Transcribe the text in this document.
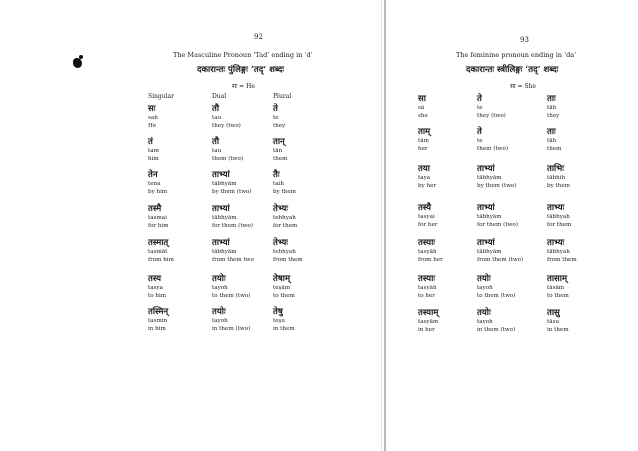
92
The Masculine Pronoun ‘Tad’ ending in ‘d’
दकारान्तः पुंलिङ्गः ‘तद्’ शब्दः
सः = He
Singular	Dual	Plural
सः
sah
He
तौ
tau
they (two)
ते
te
they
तं
tam
him
तौ
tau
them (two)
तान्
tān
them
तेन
tena
by him
ताभ्यां
tābhyām
by them (two)
तैः
taih
by them
तस्मै
tasmai
for him
ताभ्यां
tābhyām
for them (two)
तेभ्यः
tebhyah
for them
तस्मात्
tasmāt
from him
ताभ्यां
tābhyām
from them two
तेभ्यः
tebhyah
from them
तस्य
tasya
to him
तयोः
tayoh
to them (two)
तेषाम्
teşām
to them
तस्मिन्
tasmin
in him
तयोः
tayoh
in them (two)
तेषु
teşu
in them
93
The feminine pronoun ending in ‘da’
दकारान्तः स्त्रीलिङ्गः ‘तद्’ शब्दः
सा = She
सा
sā
she
ते
te
they (two)
ताः
tāh
they
ताम्
tām
her
ते
te
them (two)
ताः
tāh
them
तया
taya
by her
ताभ्यां
tābhyām
by them (two)
ताभिः
tābhih
by them
तस्यै
tasyai
for her
ताभ्यां
tābhyām
for them (two)
ताभ्यः
tābhyah
for them
तस्याः
tasyāh
from her
ताभ्यां
tābhyām
from them (two)
ताभ्यः
tābhyah
from them
तस्याः
tasyāh
to her
तयोः
tayoh
to them (two)
तासाम्
tāsām
to them
तस्याम्
tasyām
in her
तयोः
tayoh
in them (two)
तासु
tāsu
in them
